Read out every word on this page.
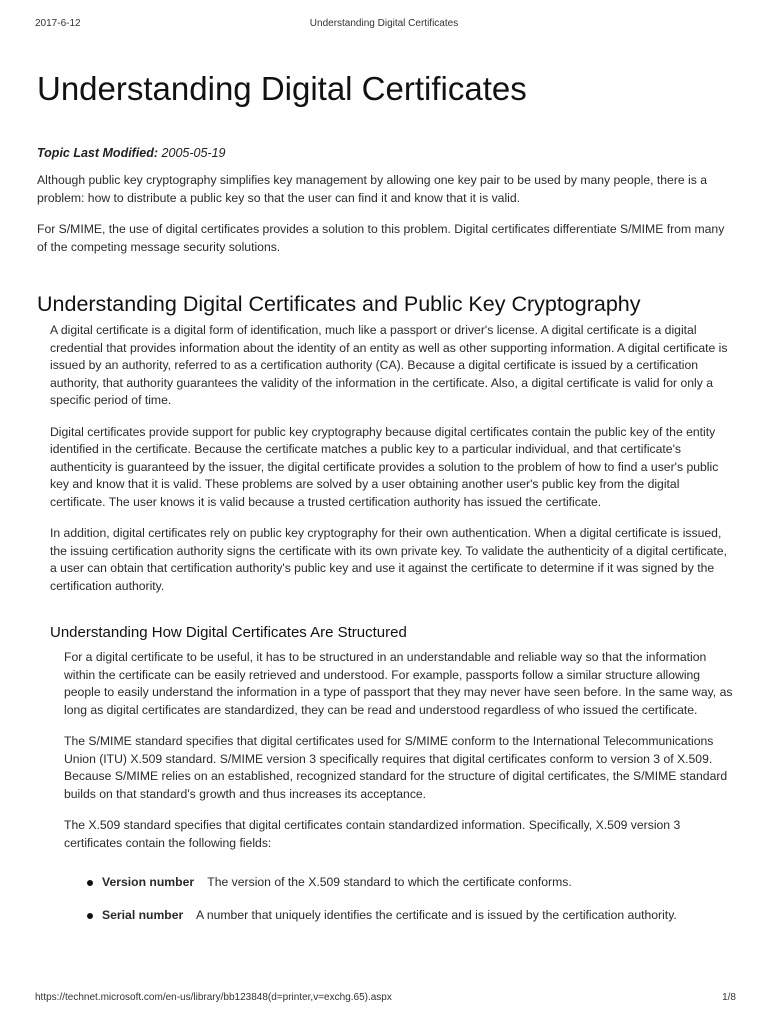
2017-6-12	Understanding Digital Certificates
Understanding Digital Certificates
Topic Last Modified: 2005-05-19

Although public key cryptography simplifies key management by allowing one key pair to be used by many people, there is a problem: how to distribute a public key so that the user can find it and know that it is valid.

For S/MIME, the use of digital certificates provides a solution to this problem. Digital certificates differentiate S/MIME from many of the competing message security solutions.

Understanding Digital Certificates and Public Key Cryptography

A digital certificate is a digital form of identification, much like a passport or driver's license. A digital certificate is a digital credential that provides information about the identity of an entity as well as other supporting information. A digital certificate is issued by an authority, referred to as a certification authority (CA). Because a digital certificate is issued by a certification authority, that authority guarantees the validity of the information in the certificate. Also, a digital certificate is valid for only a specific period of time.

Digital certificates provide support for public key cryptography because digital certificates contain the public key of the entity identified in the certificate. Because the certificate matches a public key to a particular individual, and that certificate's authenticity is guaranteed by the issuer, the digital certificate provides a solution to the problem of how to find a user's public key and know that it is valid. These problems are solved by a user obtaining another user's public key from the digital certificate. The user knows it is valid because a trusted certification authority has issued the certificate.

In addition, digital certificates rely on public key cryptography for their own authentication. When a digital certificate is issued, the issuing certification authority signs the certificate with its own private key. To validate the authenticity of a digital certificate, a user can obtain that certification authority's public key and use it against the certificate to determine if it was signed by the certification authority.

Understanding How Digital Certificates Are Structured

For a digital certificate to be useful, it has to be structured in an understandable and reliable way so that the information within the certificate can be easily retrieved and understood. For example, passports follow a similar structure allowing people to easily understand the information in a type of passport that they may never have seen before. In the same way, as long as digital certificates are standardized, they can be read and understood regardless of who issued the certificate.

The S/MIME standard specifies that digital certificates used for S/MIME conform to the International Telecommunications Union (ITU) X.509 standard. S/MIME version 3 specifically requires that digital certificates conform to version 3 of X.509. Because S/MIME relies on an established, recognized standard for the structure of digital certificates, the S/MIME standard builds on that standard's growth and thus increases its acceptance.

The X.509 standard specifies that digital certificates contain standardized information. Specifically, X.509 version 3 certificates contain the following fields:

Version number The version of the X.509 standard to which the certificate conforms.
Serial number A number that uniquely identifies the certificate and is issued by the certification authority.
https://technet.microsoft.com/en-us/library/bb123848(d=printer,v=exchg.65).aspx	1/8
